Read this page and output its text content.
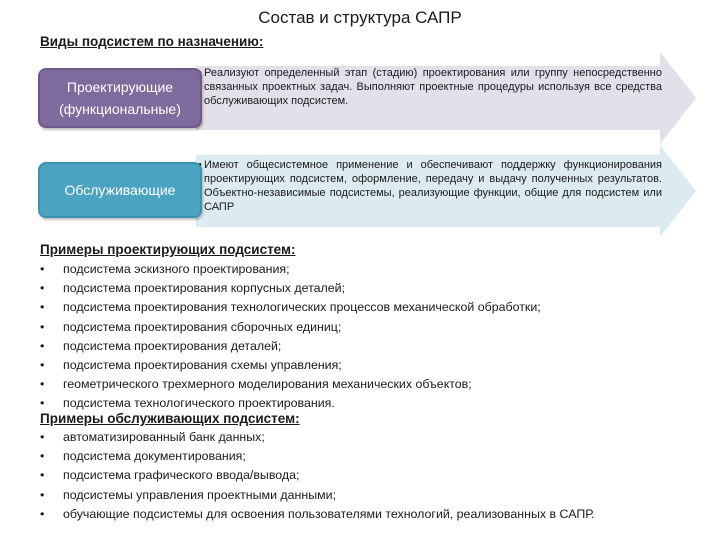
Состав и структура САПР
Виды подсистем по назначению:
• Реализуют определенный этап (стадию) проектирования или группу непосредственно связанных проектных задач. Выполняют проектные процедуры используя все средства обслуживающих подсистем.
Проектирующие
(функциональные)
• Имеют общесистемное применение и обеспечивают поддержку функционирования проектирующих подсистем, оформление, передачу и выдачу полученных результатов. Объектно-независимые подсистемы, реализующие функции, общие для подсистем или САПР
Обслуживающие
Примеры проектирующих подсистем:
• подсистема эскизного проектирования;
• подсистема проектирования корпусных деталей;
• подсистема проектирования технологических процессов механической обработки;
• подсистема проектирования сборочных единиц;
• подсистема проектирования деталей;
• подсистема проектирования схемы управления;
• геометрического трехмерного моделирования механических объектов;
• подсистема технологического проектирования.
Примеры обслуживающих подсистем:
• автоматизированный банк данных;
• подсистема документирования;
• подсистема графического ввода/вывода;
• подсистемы управления проектными данными;
• обучающие подсистемы для освоения пользователями технологий, реализованных в САПР.
